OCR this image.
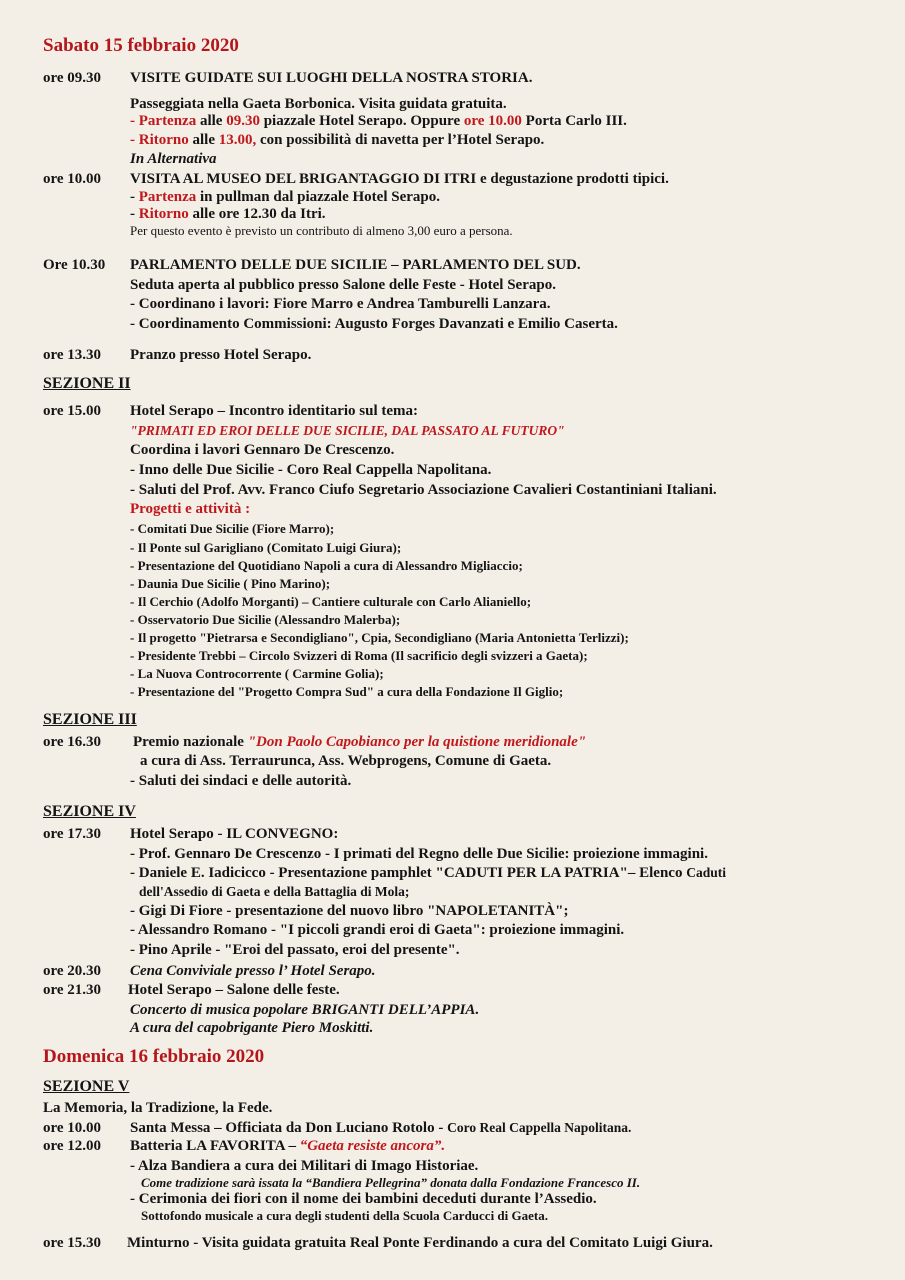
Sabato 15 febbraio 2020
ore 09.30 VISITE GUIDATE SUI LUOGHI DELLA NOSTRA STORIA.
Passeggiata nella Gaeta Borbonica. Visita guidata gratuita.
- Partenza alle 09.30 piazzale Hotel Serapo. Oppure ore 10.00 Porta Carlo III.
- Ritorno alle 13.00, con possibilità di navetta per l’Hotel Serapo.
In Alternativa
ore 10.00 VISITA AL MUSEO DEL BRIGANTAGGIO DI ITRI e degustazione prodotti tipici.
- Partenza in pullman dal piazzale Hotel Serapo.
- Ritorno alle ore 12.30 da Itri.
Per questo evento è previsto un contributo di almeno 3,00 euro a persona.
Ore 10.30 PARLAMENTO DELLE DUE SICILIE – PARLAMENTO DEL SUD.
Seduta aperta al pubblico presso Salone delle Feste - Hotel Serapo.
- Coordinano i lavori: Fiore Marro e Andrea Tamburelli Lanzara.
- Coordinamento Commissioni: Augusto Forges Davanzati e Emilio Caserta.
ore 13.30 Pranzo presso Hotel Serapo.
SEZIONE II
ore 15.00 Hotel Serapo – Incontro identitario sul tema:
"PRIMATI ED EROI DELLE DUE SICILIE, DAL PASSATO AL FUTURO"
Coordina i lavori Gennaro De Crescenzo.
- Inno delle Due Sicilie - Coro Real Cappella Napolitana.
- Saluti del Prof. Avv. Franco Ciufo Segretario Associazione Cavalieri Costantiniani Italiani.
Progetti e attività :
- Comitati Due Sicilie (Fiore Marro);
- Il Ponte sul Garigliano (Comitato Luigi Giura);
- Presentazione del Quotidiano Napoli a cura di Alessandro Migliaccio;
- Daunia Due Sicilie ( Pino Marino);
- Il Cerchio (Adolfo Morganti) – Cantiere culturale con Carlo Alianiello;
- Osservatorio Due Sicilie (Alessandro Malerba);
- Il progetto "Pietrarsa e Secondigliano", Cpia, Secondigliano (Maria Antonietta Terlizzi);
- Presidente Trebbi – Circolo Svizzeri di Roma (Il sacrificio degli svizzeri a Gaeta);
- La Nuova Controcorrente ( Carmine Golia);
- Presentazione del "Progetto Compra Sud" a cura della Fondazione Il Giglio;
SEZIONE III
ore 16.30 Premio nazionale "Don Paolo Capobianco per la quistione meridionale"
a cura di Ass. Terraurunca, Ass. Webprogens, Comune di Gaeta.
- Saluti dei sindaci e delle autorità.
SEZIONE IV
ore 17.30 Hotel Serapo - IL CONVEGNO:
- Prof. Gennaro De Crescenzo - I primati del Regno delle Due Sicilie: proiezione immagini.
- Daniele E. Iadicicco - Presentazione pamphlet "CADUTI PER LA PATRIA"– Elenco Caduti
dell'Assedio di Gaeta e della Battaglia di Mola;
- Gigi Di Fiore - presentazione del nuovo libro "NAPOLETANITÀ";
- Alessandro Romano - "I piccoli grandi eroi di Gaeta": proiezione immagini.
- Pino Aprile - "Eroi del passato, eroi del presente".
ore 20.30 Cena Conviviale presso l’ Hotel Serapo.
ore 21.30 Hotel Serapo – Salone delle feste.
Concerto di musica popolare BRIGANTI DELL’APPIA.
A cura del capobrigante Piero Moskitti.
Domenica 16 febbraio 2020
SEZIONE V
La Memoria, la Tradizione, la Fede.
ore 10.00 Santa Messa – Officiata da Don Luciano Rotolo - Coro Real Cappella Napolitana.
ore 12.00 Batteria LA FAVORITA – “Gaeta resiste ancora”.
- Alza Bandiera a cura dei Militari di Imago Historiae.
Come tradizione sarà issata la “Bandiera Pellegrina” donata dalla Fondazione Francesco II.
- Cerimonia dei fiori con il nome dei bambini deceduti durante l’Assedio.
Sottofondo musicale a cura degli studenti della Scuola Carducci di Gaeta.
ore 15.30 Minturno - Visita guidata gratuita Real Ponte Ferdinando a cura del Comitato Luigi Giura.
